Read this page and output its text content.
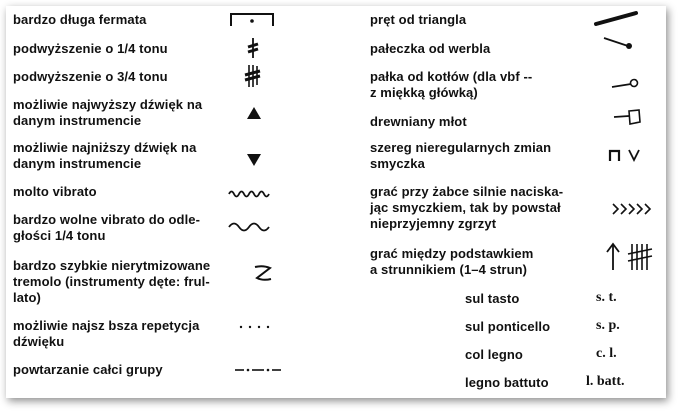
bardzo długa fermata
podwyższenie o 1/4 tonu
podwyższenie o 3/4 tonu
możliwie najwyższy dźwięk na
danym instrumencie
możliwie najniższy dźwięk na
danym instrumencie
molto vibrato
bardzo wolne vibrato do odle-
głości 1/4 tonu
bardzo szybkie nierytmizowane
tremolo (instrumenty dęte: frul-
lato)
możliwie najsz bsza repetycja
dźwięku
powtarzanie całci grupy
pręt od triangla
pałeczka od werbla
pałka od kotłów (dla vbf --
z miękką główką)
drewniany młot
szereg nieregularnych zmian
smyczka
grać przy żabce silnie naciska-
jąc smyczkiem, tak by powstał
nieprzyjemny zgrzyt
grać między podstawkiem
a strunnikiem (1–4 strun)
sul tasto	s. t.
sul ponticello	s. p.
col legno	c. l.
legno battuto	l. batt.
